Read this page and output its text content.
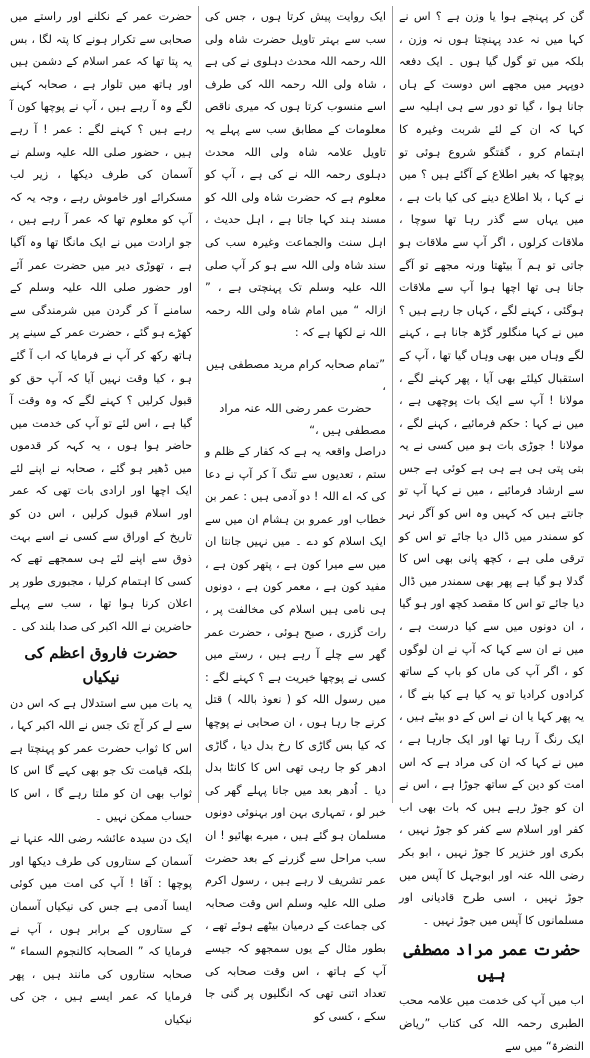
گن کر پہنچے ہوا یا وزن ہے ؟ اس نے کہا میں نہ عدد پہنچتا ہوں نہ وزن ، بلکہ میں تو گول گیا ہوں ۔ ایک دفعہ دوپہر میں مجھے اس دوست کے ہاں جانا ہوا ، گیا تو دور سے ہی اہلیہ سے کہا کہ ان کے لئے شربت وغیرہ کا اہتمام کرو ، گفتگو شروع ہوئی تو پوچھا کہ بغیر اطلاع کے آگئے ہیں ؟ میں نے کہا ، بلا اطلاع دینے کی کیا بات ہے ، میں یہاں سے گذر رہا تھا سوچا ، ملاقات کرلوں ، اگر آپ سے ملاقات ہو جاتی تو ہم آ بیٹھتا ورنہ مجھے تو آگے جانا ہی تھا اچھا ہوا آپ سے ملاقات ہوگئی ، کہنے لگے ، کہاں جا رہے ہیں ؟ میں نے کہا منگلور گڑھ جانا ہے ، کہنے لگے وہاں میں بھی وہاں گیا تھا ، آپ کے استقبال کیلئے بھی آیا ، پھر کہنے لگے ، مولانا ! آپ سے ایک بات پوچھی ہے ، میں نے کہا : حکم فرمائیے ، کہنے لگے ، مولانا ! جوڑی بات ہو میں کسی نے یہ بتی پتی ہی ہے ہی ہے کوئی ہے جس سے ارشاد فرمائیے ، میں نے کہا آپ تو جانتے ہیں کہ کہیں وہ اس کو آگر نہر کو سمندر میں ڈال دیا جائے تو اس کو ترقی ملی ہے ، کچھ پانی بھی اس کا گدلا ہو گیا ہے پھر بھی سمندر میں ڈال دیا جائے تو اس کا مقصد کچھ اور ہو گیا ، ان دونوں میں سے کیا درست ہے ، میں نے ان سے کہا کہ آپ نے ان لوگوں کو ، اگر آپ کی ماں کو باپ کے ساتھ کرادوں کرادیا تو یہ کیا ہے کیا بنے گا ، یہ پھر کہا یا ان نے اس کے دو بیٹے ہیں ، ایک رنگ آ رہا تھا اور ایک جارہا ہے ، میں نے کہا کہ ان کی مراد ہے کہ اس امت کو دین کے ساتھ جوڑا ہے ، اس نے ان کو جوڑ رہے ہیں کہ بات بھی اب کفر اور اسلام سے کفر کو جوڑ نہیں ، بکری اور خنزیر کا جوڑ نہیں ، ابو بکر رضی اللہ عنہ اور ابوجہل کا آپس میں جوڑ نہیں ، اسی طرح قادیانی اور مسلمانوں کا آپس میں جوڑ نہیں ۔

حضرت عمر مراد مصطفی ہیں

اب میں آپ کی خدمت میں علامہ محب الطبری رحمہ اللہ کی کتاب ”ریاض النضرۃ“ میں سے

ایک روایت پیش کرتا ہوں ، جس کی سب سے بہتر تاویل حضرت شاہ ولی اللہ رحمہ اللہ محدث دہلوی نے کی ہے ، شاہ ولی اللہ رحمہ اللہ کی طرف اسے منسوب کرتا ہوں کہ میری ناقص معلومات کے مطابق سب سے پہلے یہ تاویل علامہ شاہ ولی اللہ محدث دہلوی رحمہ اللہ نے کی ہے ، آپ کو معلوم ہے کہ حضرت شاہ ولی اللہ کو مسند ہند کہا جاتا ہے ، اہل حدیث ، اہل سنت والجماعت وغیرہ سب کی سند شاہ ولی اللہ سے ہو کر آپ صلی اللہ علیہ وسلم تک پہنچتی ہے ، ” ازالہ “ میں امام شاہ ولی اللہ رحمہ اللہ نے لکھا ہے کہ :

”تمام صحابہ کرام مرید مصطفی ہیں ،

حضرت عمر رضی اللہ عنہ مراد مصطفی ہیں ،“

دراصل واقعہ یہ ہے کہ کفار کے ظلم و ستم ، تعدیوں سے تنگ آ کر آپ نے دعا کی کہ اے اللہ ! دو آدمی ہیں : عمر بن خطاب اور عمرو بن ہشام ان میں سے ایک اسلام کو دے ۔ میں نہیں جانتا ان میں سے میرا کون ہے ، پتھر کون ہے ، مفید کون ہے ، معمر کون ہے ، دونوں ہی نامی ہیں اسلام کی مخالفت پر ، رات گزری ، صبح ہوئی ، حضرت عمر گھر سے چلے آ رہے ہیں ، رستے میں کسی نے پوچھا خیریت ہے ؟ کہنے لگے : میں رسول اللہ کو ( نعوذ باللہ ) قتل کرنے جا رہا ہوں ، ان صحابی نے پوچھا کہ کیا بس گاڑی کا رخ بدل دیا ، گاڑی ادھر کو جا رہی تھی اس کا کانٹا بدل دیا ۔ اُدھر بعد میں جانا پہلے گھر کی خبر لو ، تمہاری بہن اور بہنوئی دونوں مسلمان ہو گئے ہیں ، میرے بھائیو ! ان سب مراحل سے گزرنے کے بعد حضرت عمر تشریف لا رہے ہیں ، رسول اکرم صلی اللہ علیہ وسلم اس وقت صحابہ کی جماعت کے درمیان بیٹھے ہوئے تھے ، بطور مثال کے یوں سمجھو کہ جیسے آپ کے ہاتھ ، اس وقت صحابہ کی تعداد اتنی تھی کہ انگلیوں پر گنی جا سکے ، کسی کو

حضرت عمر کے نکلنے اور راستے میں صحابی سے تکرار ہونے کا پتہ لگا ، بس یہ پتا تھا کہ عمر اسلام کے دشمن ہیں اور ہاتھ میں تلوار ہے ، صحابہ کہنے لگے وہ آ رہے ہیں ، آپ نے پوچھا کون آ رہے ہیں ؟ کہنے لگے : عمر ! آ رہے ہیں ، حضور صلی اللہ علیہ وسلم نے آسمان کی طرف دیکھا ، زیر لب مسکرائے اور خاموش رہے ، وجہ یہ کہ آپ کو معلوم تھا کہ عمر آ رہے ہیں ، جو ارادت میں نے ایک مانگا تھا وہ آگیا ہے ، تھوڑی دیر میں حضرت عمر آئے اور حضور صلی اللہ علیہ وسلم کے سامنے آ کر گردن میں شرمندگی سے کھڑے ہو گئے ، حضرت عمر کے سینے پر ہاتھ رکھ کر آپ نے فرمایا کہ اب آ گئے ہو ، کیا وقت نہیں آیا کہ آپ حق کو قبول کرلیں ؟ کہنے لگے کہ وہ وقت آ گیا ہے ، اس لئے تو آپ کی خدمت میں حاضر ہوا ہوں ، یہ کہہ کر قدموں میں ڈھیر ہو گئے ، صحابہ نے اپنے لئے ایک اچھا اور ارادی بات تھی کہ عمر اور اسلام قبول کرلیں ، اس دن کو تاریخ کے اوراق سے کسی نے اسے بہت ذوق سے اپنے لئے ہی سمجھے تھے کہ کسی کا اہتمام کرلیا ، مجبوری طور پر اعلان کرنا ہوا تھا ، سب سے پہلے حاضرین نے اللہ اکبر کی صدا بلند کی ۔

حضرت فاروق اعظم کی نیکیاں

یہ بات میں سے استدلال ہے کہ اس دن سے لے کر آج تک جس نے اللہ اکبر کہا ، اس کا ثواب حضرت عمر کو پہنچتا ہے بلکہ قیامت تک جو بھی کہے گا اس کا ثواب بھی ان کو ملتا رہے گا ، اس کا حساب ممکن نہیں ۔

ایک دن سیدہ عائشہ رضی اللہ عنہا نے آسمان کے ستاروں کی طرف دیکھا اور پوچھا : آقا ! آپ کی امت میں کوئی ایسا آدمی ہے جس کی نیکیاں آسمان کے ستاروں کے برابر ہوں ، آپ نے فرمایا کہ ” الصحابہ کالنجوم السماء “ صحابہ ستاروں کی مانند ہیں ، پھر فرمایا کہ عمر ایسے ہیں ، جن کی نیکیاں
